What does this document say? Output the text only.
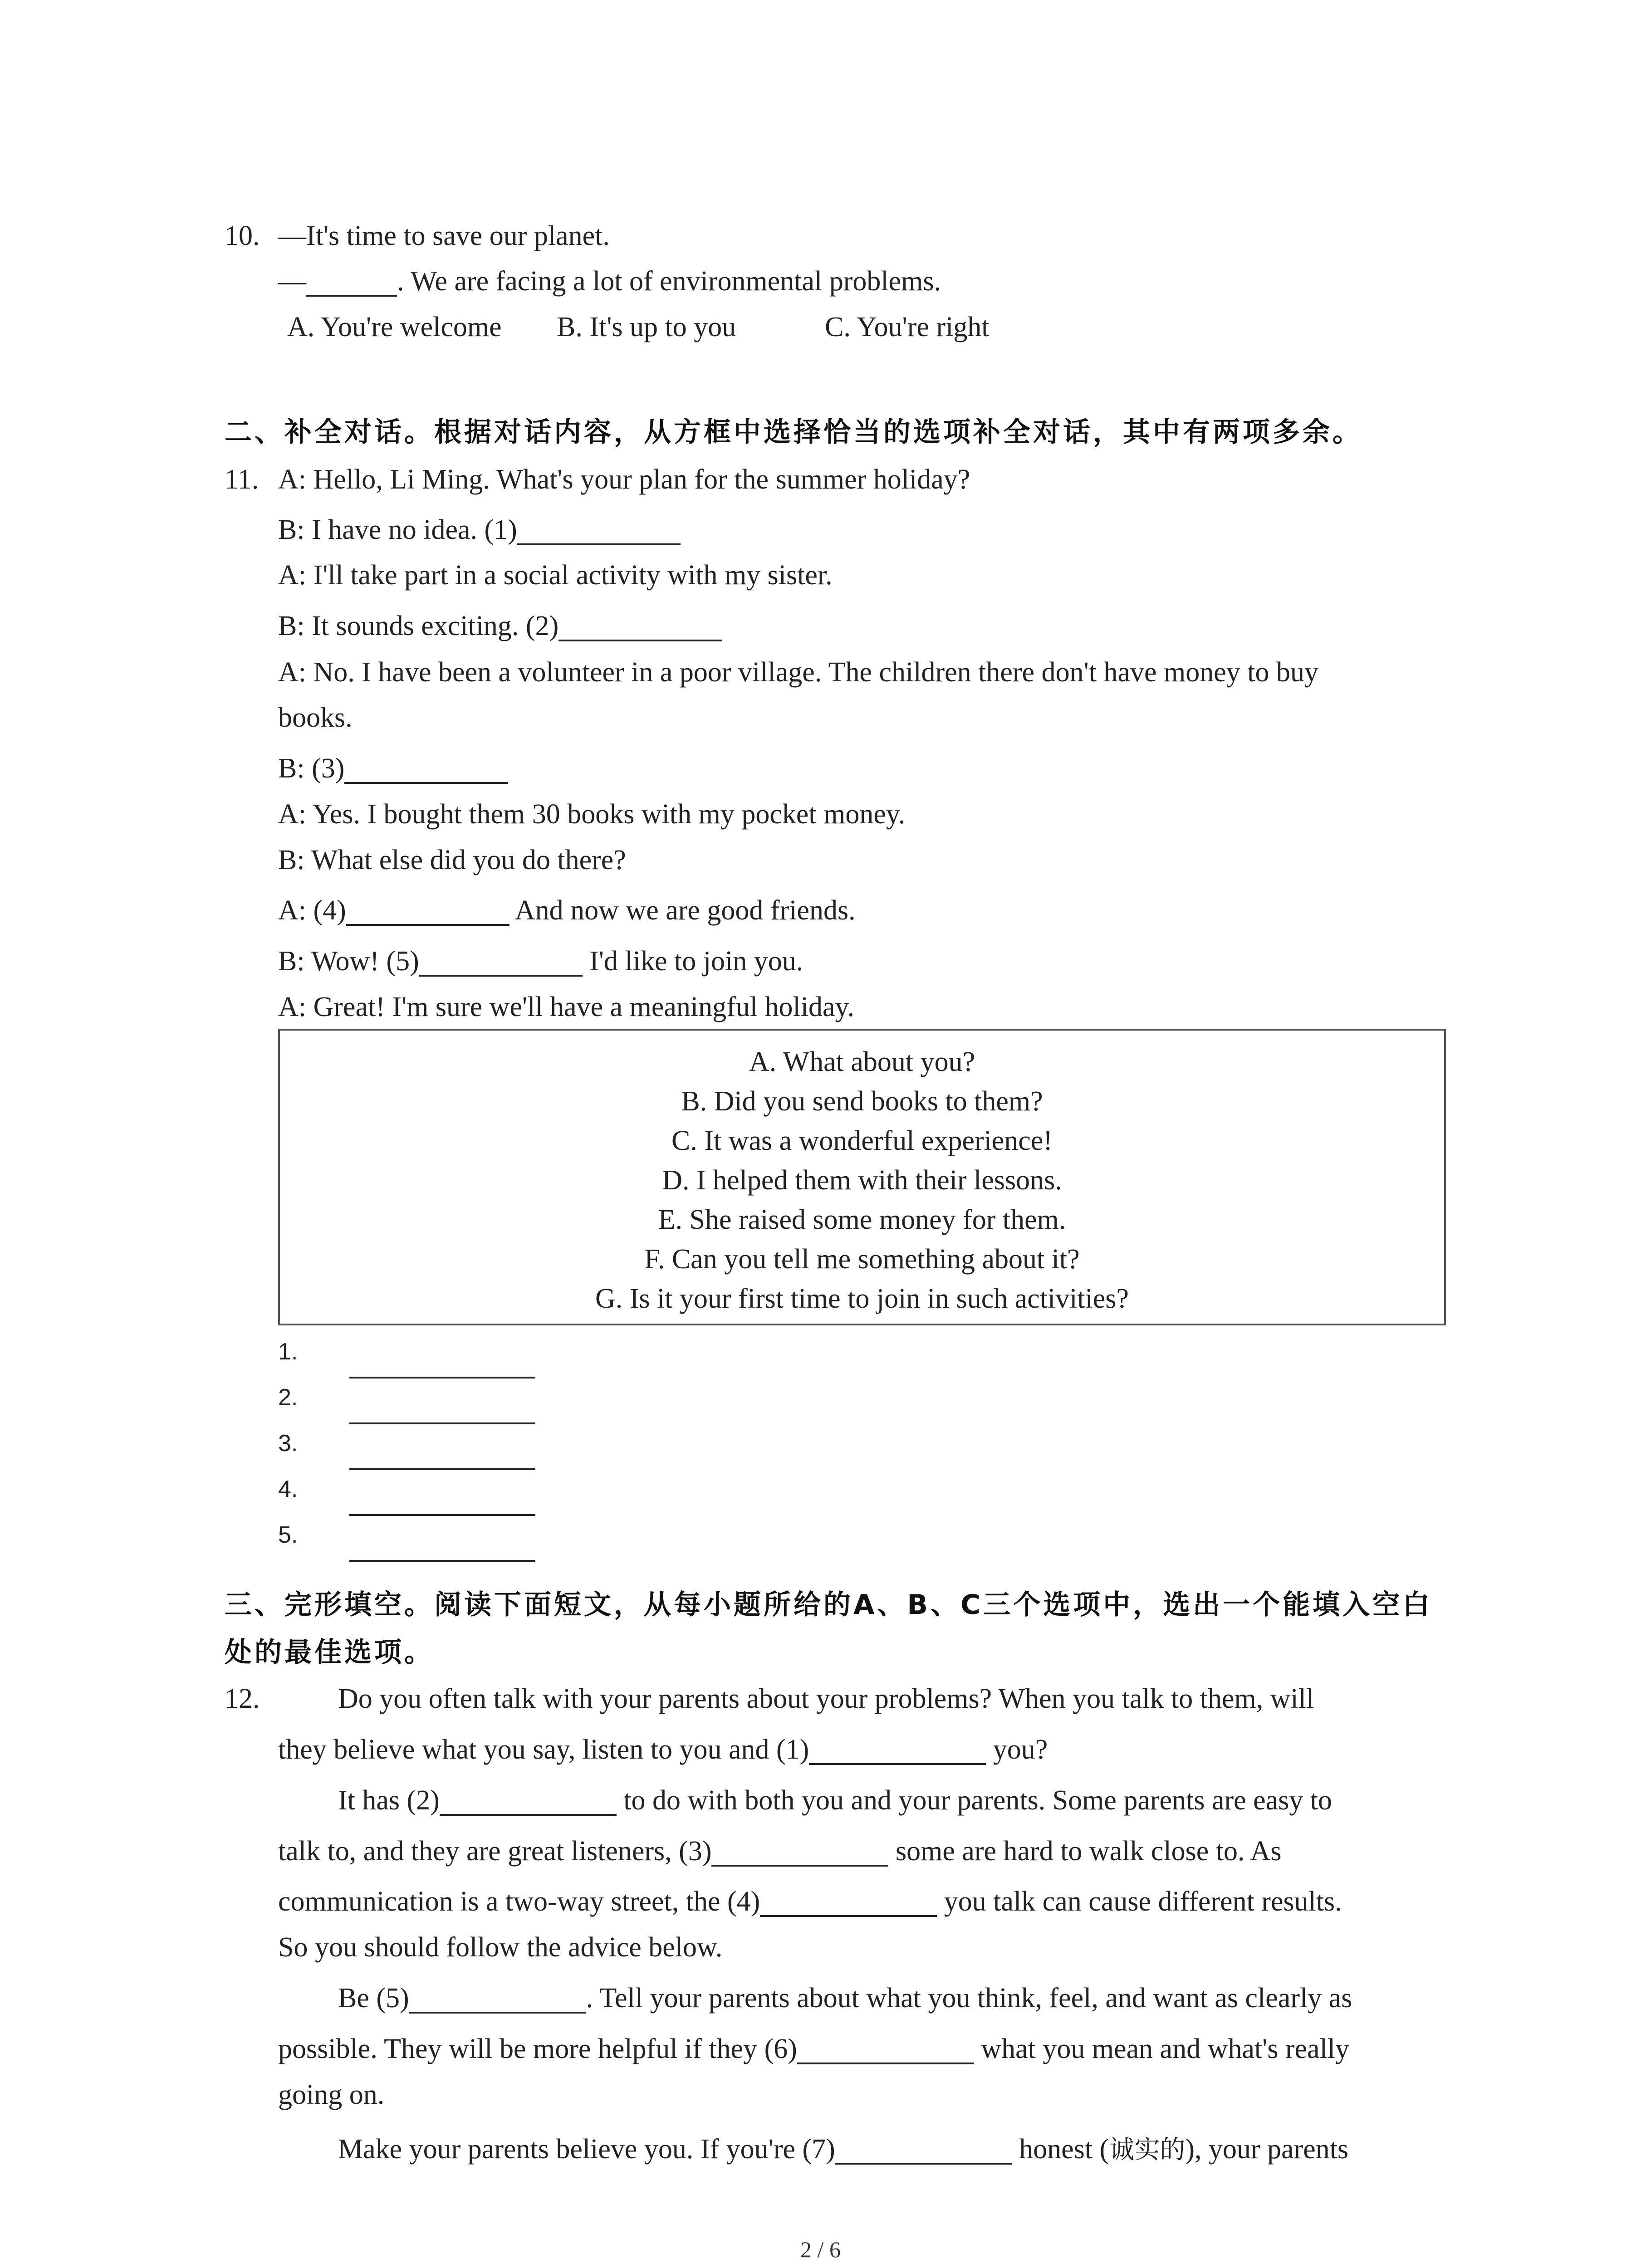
10. —It's time to save our planet.
—	. We are facing a lot of environmental problems.
A. You're welcome B. It's up to you	C. You're right
二、补全对话。根据对话内容，从方框中选择恰当的选项补全对话，其中有两项多余。
11. A: Hello, Li Ming. What's your plan for the summer holiday?
B: I have no idea. (1)
A: I'll take part in a social activity with my sister.
B: It sounds exciting. (2)
A: No. I have been a volunteer in a poor village. The children there don't have money to buy
books.
B: (3)
A: Yes. I bought them 30 books with my pocket money.
B: What else did you do there?
A: (4)	And now we are good friends.
B: Wow! (5)	I'd like to join you.
A: Great! I'm sure we'll have a meaningful holiday.
A. What about you?
B. Did you send books to them?
C. It was a wonderful experience!
D. I helped them with their lessons.
E. She raised some money for them.
F. Can you tell me something about it?
G. Is it your first time to join in such activities?
1.
2.
3.
4.
5.
三、完形填空。阅读下面短文，从每小题所给的A、B、C三个选项中，选出一个能填入空白
处的最佳选项。
12.	Do you often talk with your parents about your problems? When you talk to them, will
they believe what you say, listen to you and (1)	you?
It has (2)	to do with both you and your parents. Some parents are easy to
talk to, and they are great listeners, (3)	some are hard to walk close to. As
communication is a two-way street, the (4)	you talk can cause different results.
So you should follow the advice below.
Be (5)	. Tell your parents about what you think, feel, and want as clearly as
possible. They will be more helpful if they (6)	what you mean and what's really
going on.
Make your parents believe you. If you're (7)	honest (诚实的), your parents
2 / 6
